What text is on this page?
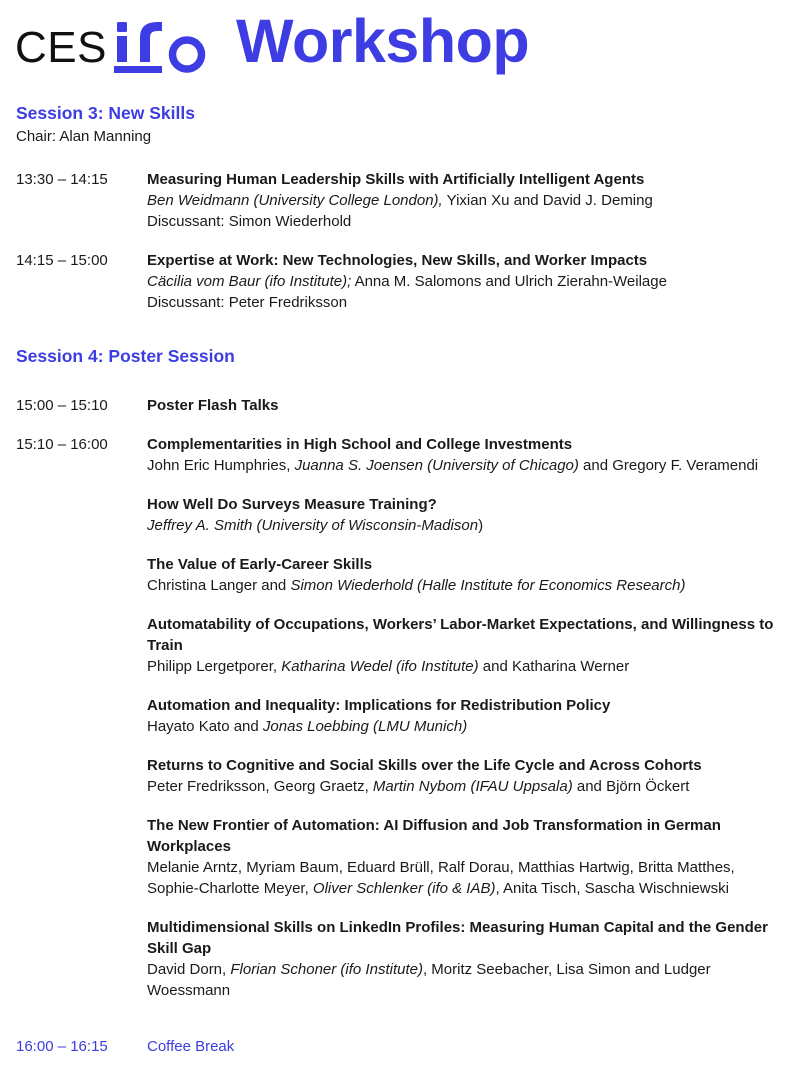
CES Workshop
Session 3: New Skills
Chair: Alan Manning
13:30 – 14:15	Measuring Human Leadership Skills with Artificially Intelligent Agents
Ben Weidmann (University College London), Yixian Xu and David J. Deming
Discussant: Simon Wiederhold
14:15 – 15:00	Expertise at Work: New Technologies, New Skills, and Worker Impacts
Cäcilia vom Baur (ifo Institute); Anna M. Salomons and Ulrich Zierahn-Weilage
Discussant: Peter Fredriksson
Session 4: Poster Session
15:00 – 15:10	Poster Flash Talks
15:10 – 16:00	Complementarities in High School and College Investments
John Eric Humphries, Juanna S. Joensen (University of Chicago) and Gregory F. Veramendi
How Well Do Surveys Measure Training?
Jeffrey A. Smith (University of Wisconsin-Madison)
The Value of Early-Career Skills
Christina Langer and Simon Wiederhold (Halle Institute for Economics Research)
Automatability of Occupations, Workers’ Labor-Market Expectations, and Willingness to Train
Philipp Lergetporer, Katharina Wedel (ifo Institute) and Katharina Werner
Automation and Inequality: Implications for Redistribution Policy
Hayato Kato and Jonas Loebbing (LMU Munich)
Returns to Cognitive and Social Skills over the Life Cycle and Across Cohorts
Peter Fredriksson, Georg Graetz, Martin Nybom (IFAU Uppsala) and Björn Öckert
The New Frontier of Automation: AI Diffusion and Job Transformation in German Workplaces
Melanie Arntz, Myriam Baum, Eduard Brüll, Ralf Dorau, Matthias Hartwig, Britta Matthes, Sophie-Charlotte Meyer, Oliver Schlenker (ifo & IAB), Anita Tisch, Sascha Wischniewski
Multidimensional Skills on LinkedIn Profiles: Measuring Human Capital and the Gender Skill Gap
David Dorn, Florian Schoner (ifo Institute), Moritz Seebacher, Lisa Simon and Ludger Woessmann
16:00 – 16:15	Coffee Break
